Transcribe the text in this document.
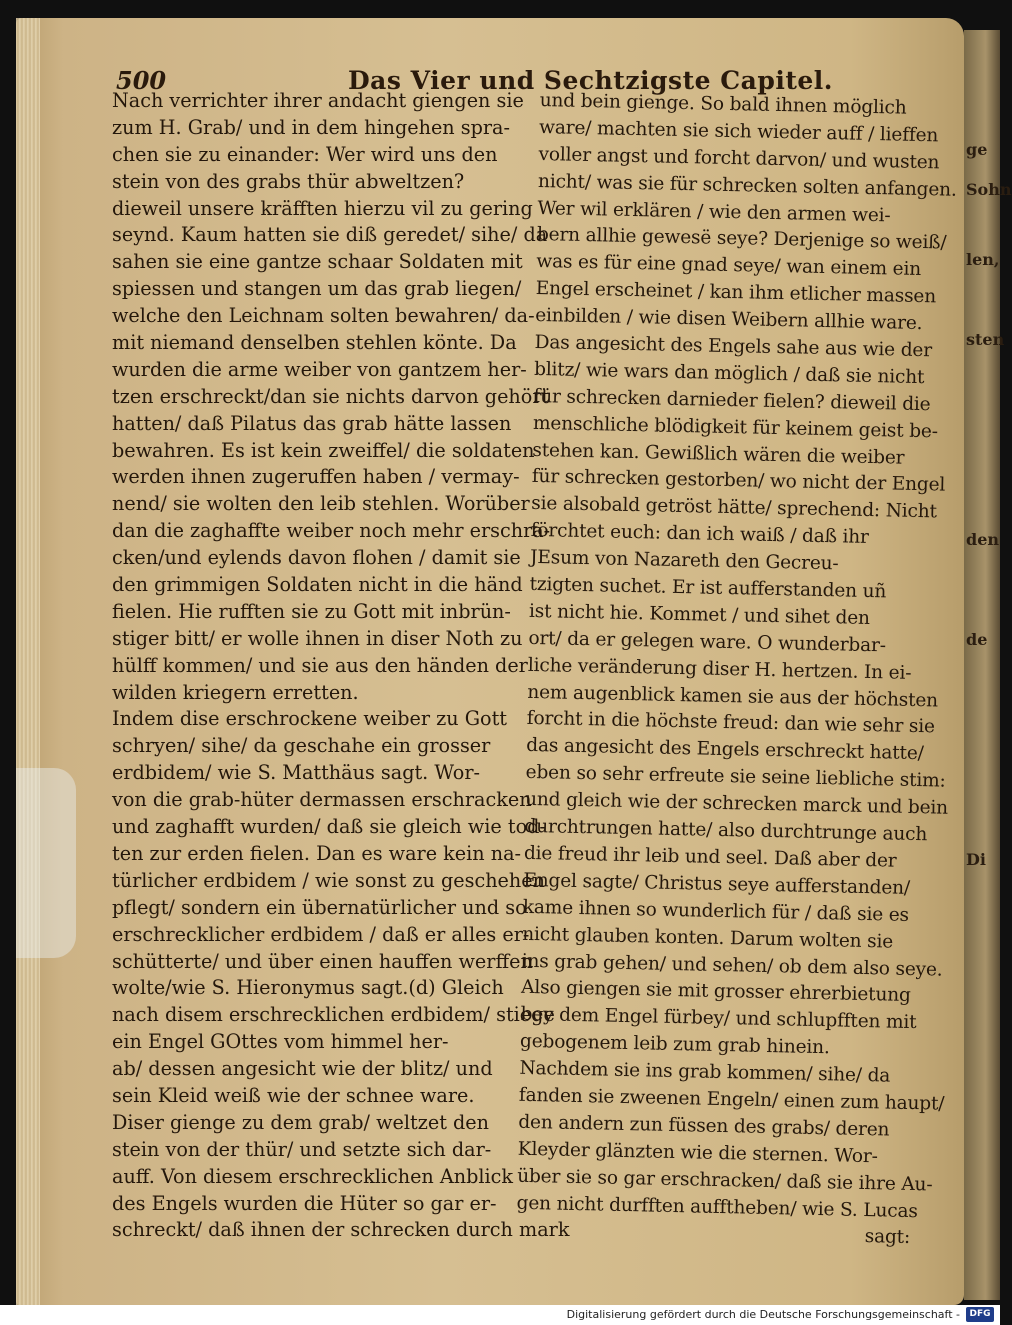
500	Das Vier und Sechtzigste Capitel.
Nach verrichter ihrer andacht giengen sie
zum H. Grab/ und in dem hingehen spra-
chen sie zu einander: Wer wird uns den
stein von des grabs thür abweltzen?
dieweil unsere kräfften hierzu vil zu gering
seynd. Kaum hatten sie diß geredet/ sihe/ da
sahen sie eine gantze schaar Soldaten mit
spiessen und stangen um das grab liegen/
welche den Leichnam solten bewahren/ da-
mit niemand denselben stehlen könte. Da
wurden die arme weiber von gantzem her-
tzen erschreckt/dan sie nichts darvon gehört
hatten/ daß Pilatus das grab hätte lassen
bewahren. Es ist kein zweiffel/ die soldaten
werden ihnen zugeruffen haben / vermay-
nend/ sie wolten den leib stehlen. Worüber
dan die zaghaffte weiber noch mehr erschra-
cken/und eylends davon flohen / damit sie
den grimmigen Soldaten nicht in die händ
fielen. Hie rufften sie zu Gott mit inbrün-
stiger bitt/ er wolle ihnen in diser Noth zu
hülff kommen/ und sie aus den händen der
wilden kriegern erretten.
Indem dise erschrockene weiber zu Gott
schryen/ sihe/ da geschahe ein grosser
erdbidem/ wie S. Matthäus sagt. Wor-
von die grab-hüter dermassen erschracken
und zaghafft wurden/ daß sie gleich wie tod-
ten zur erden fielen. Dan es ware kein na-
türlicher erdbidem / wie sonst zu geschehen
pflegt/ sondern ein übernatürlicher und so
erschrecklicher erdbidem / daß er alles er-
schütterte/ und über einen hauffen werffen
wolte/wie S. Hieronymus sagt.(d) Gleich
nach disem erschrecklichen erdbidem/ stiege
ein Engel GOttes vom himmel her-
ab/ dessen angesicht wie der blitz/ und
sein Kleid weiß wie der schnee ware.
Diser gienge zu dem grab/ weltzet den
stein von der thür/ und setzte sich dar-
auff. Von diesem erschrecklichen Anblick
des Engels wurden die Hüter so gar er-
schreckt/ daß ihnen der schrecken durch mark
und bein gienge. So bald ihnen möglich
ware/ machten sie sich wieder auff / lieffen
voller angst und forcht darvon/ und wusten
nicht/ was sie für schrecken solten anfangen.
Wer wil erklären / wie den armen wei-
bern allhie gewesë seye? Derjenige so weiß/
was es für eine gnad seye/ wan einem ein
Engel erscheinet / kan ihm etlicher massen
einbilden / wie disen Weibern allhie ware.
Das angesicht des Engels sahe aus wie der
blitz/ wie wars dan möglich / daß sie nicht
für schrecken darnieder fielen? dieweil die
menschliche blödigkeit für keinem geist be-
stehen kan. Gewißlich wären die weiber
für schrecken gestorben/ wo nicht der Engel
sie alsobald getröst hätte/ sprechend: Nicht
förchtet euch: dan ich waiß / daß ihr
JEsum von Nazareth den Gecreu-
tzigten suchet. Er ist aufferstanden uñ
ist nicht hie. Kommet / und sihet den
ort/ da er gelegen ware. O wunderbar-
liche veränderung diser H. hertzen. In ei-
nem augenblick kamen sie aus der höchsten
forcht in die höchste freud: dan wie sehr sie
das angesicht des Engels erschreckt hatte/
eben so sehr erfreute sie seine liebliche stim:
und gleich wie der schrecken marck und bein
durchtrungen hatte/ also durchtrunge auch
die freud ihr leib und seel. Daß aber der
Engel sagte/ Christus seye aufferstanden/
kame ihnen so wunderlich für / daß sie es
nicht glauben konten. Darum wolten sie
ins grab gehen/ und sehen/ ob dem also seye.
Also giengen sie mit grosser ehrerbietung
bey dem Engel fürbey/ und schlupfften mit
gebogenem leib zum grab hinein.
Nachdem sie ins grab kommen/ sihe/ da
fanden sie zweenen Engeln/ einen zum haupt/
den andern zun füssen des grabs/ deren
Kleyder glänzten wie die sternen. Wor-
über sie so gar erschracken/ daß sie ihre Au-
gen nicht durfften aufftheben/ wie S. Lucas
sagt:
ge
Sohn
len,
sten
den
de
Di
Digitalisierung gefördert durch die Deutsche Forschungsgemeinschaft -	DFG
